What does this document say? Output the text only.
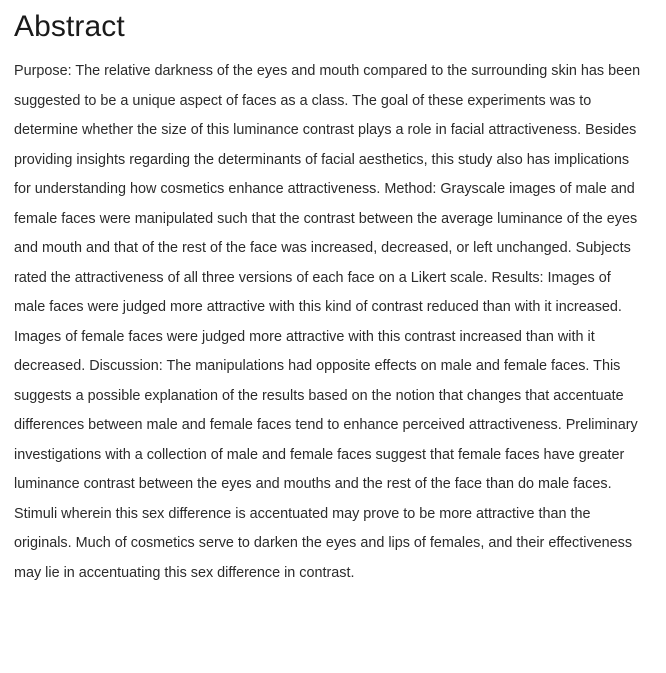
Abstract

Purpose: The relative darkness of the eyes and mouth compared to the surrounding skin has been suggested to be a unique aspect of faces as a class. The goal of these experiments was to determine whether the size of this luminance contrast plays a role in facial attractiveness. Besides providing insights regarding the determinants of facial aesthetics, this study also has implications for understanding how cosmetics enhance attractiveness. Method: Grayscale images of male and female faces were manipulated such that the contrast between the average luminance of the eyes and mouth and that of the rest of the face was increased, decreased, or left unchanged. Subjects rated the attractiveness of all three versions of each face on a Likert scale. Results: Images of male faces were judged more attractive with this kind of contrast reduced than with it increased. Images of female faces were judged more attractive with this contrast increased than with it decreased. Discussion: The manipulations had opposite effects on male and female faces. This suggests a possible explanation of the results based on the notion that changes that accentuate differences between male and female faces tend to enhance perceived attractiveness. Preliminary investigations with a collection of male and female faces suggest that female faces have greater luminance contrast between the eyes and mouths and the rest of the face than do male faces. Stimuli wherein this sex difference is accentuated may prove to be more attractive than the originals. Much of cosmetics serve to darken the eyes and lips of females, and their effectiveness may lie in accentuating this sex difference in contrast.
